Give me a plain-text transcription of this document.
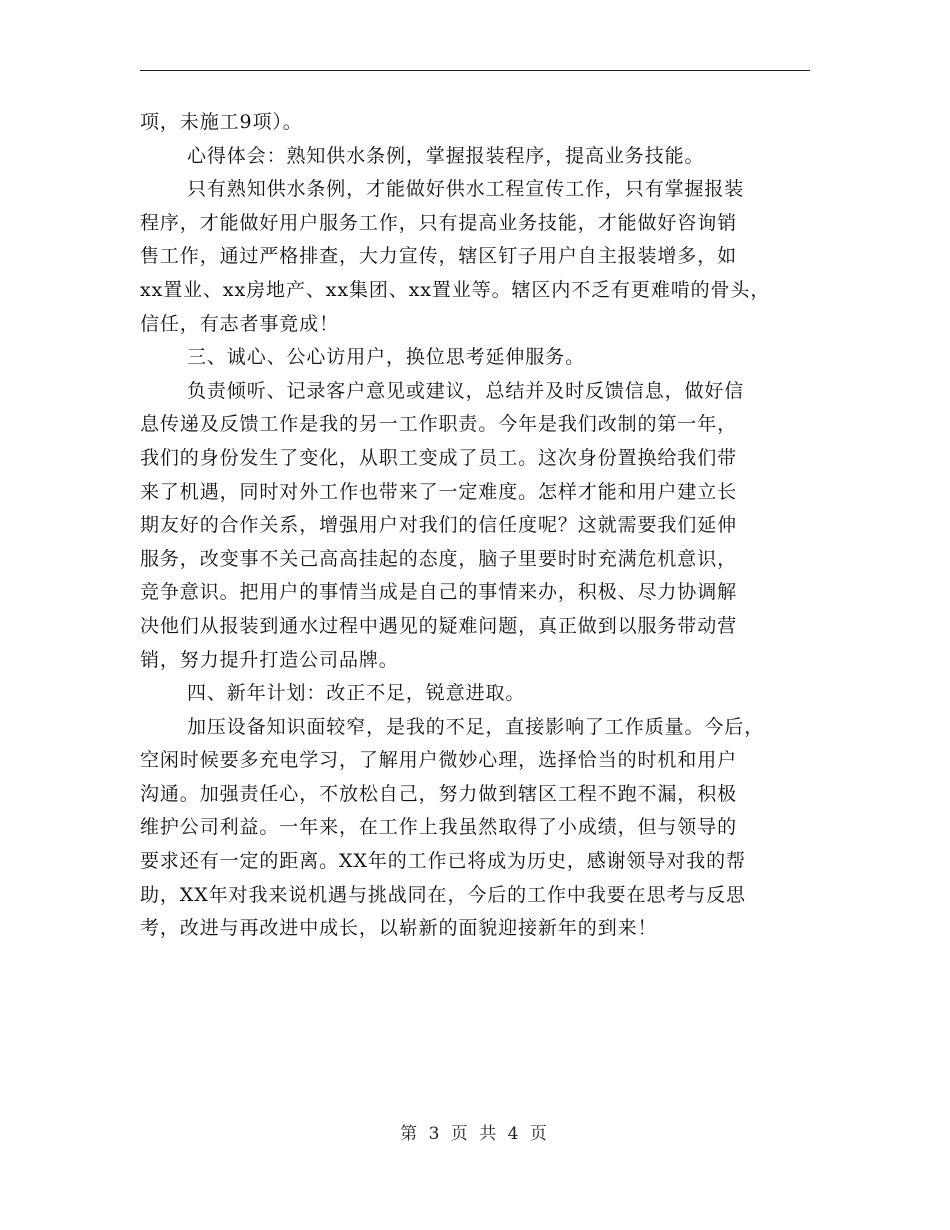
项，未施工9项）。
心得体会：熟知供水条例，掌握报装程序，提高业务技能。
只有熟知供水条例，才能做好供水工程宣传工作，只有掌握报装
程序，才能做好用户服务工作，只有提高业务技能，才能做好咨询销
售工作，通过严格排查，大力宣传，辖区钉子用户自主报装增多，如
xx置业、xx房地产、xx集团、xx置业等。辖区内不乏有更难啃的骨头，
信任，有志者事竟成！
三、诚心、公心访用户，换位思考延伸服务。
负责倾听、记录客户意见或建议，总结并及时反馈信息，做好信
息传递及反馈工作是我的另一工作职责。今年是我们改制的第一年，
我们的身份发生了变化，从职工变成了员工。这次身份置换给我们带
来了机遇，同时对外工作也带来了一定难度。怎样才能和用户建立长
期友好的合作关系，增强用户对我们的信任度呢？这就需要我们延伸
服务，改变事不关己高高挂起的态度，脑子里要时时充满危机意识，
竞争意识。把用户的事情当成是自己的事情来办，积极、尽力协调解
决他们从报装到通水过程中遇见的疑难问题，真正做到以服务带动营
销，努力提升打造公司品牌。
四、新年计划：改正不足，锐意进取。
加压设备知识面较窄，是我的不足，直接影响了工作质量。今后，
空闲时候要多充电学习，了解用户微妙心理，选择恰当的时机和用户
沟通。加强责任心，不放松自己，努力做到辖区工程不跑不漏，积极
维护公司利益。一年来，在工作上我虽然取得了小成绩，但与领导的
要求还有一定的距离。XX年的工作已将成为历史，感谢领导对我的帮
助，XX年对我来说机遇与挑战同在，今后的工作中我要在思考与反思
考，改进与再改进中成长，以崭新的面貌迎接新年的到来！
第 3 页 共 4 页
